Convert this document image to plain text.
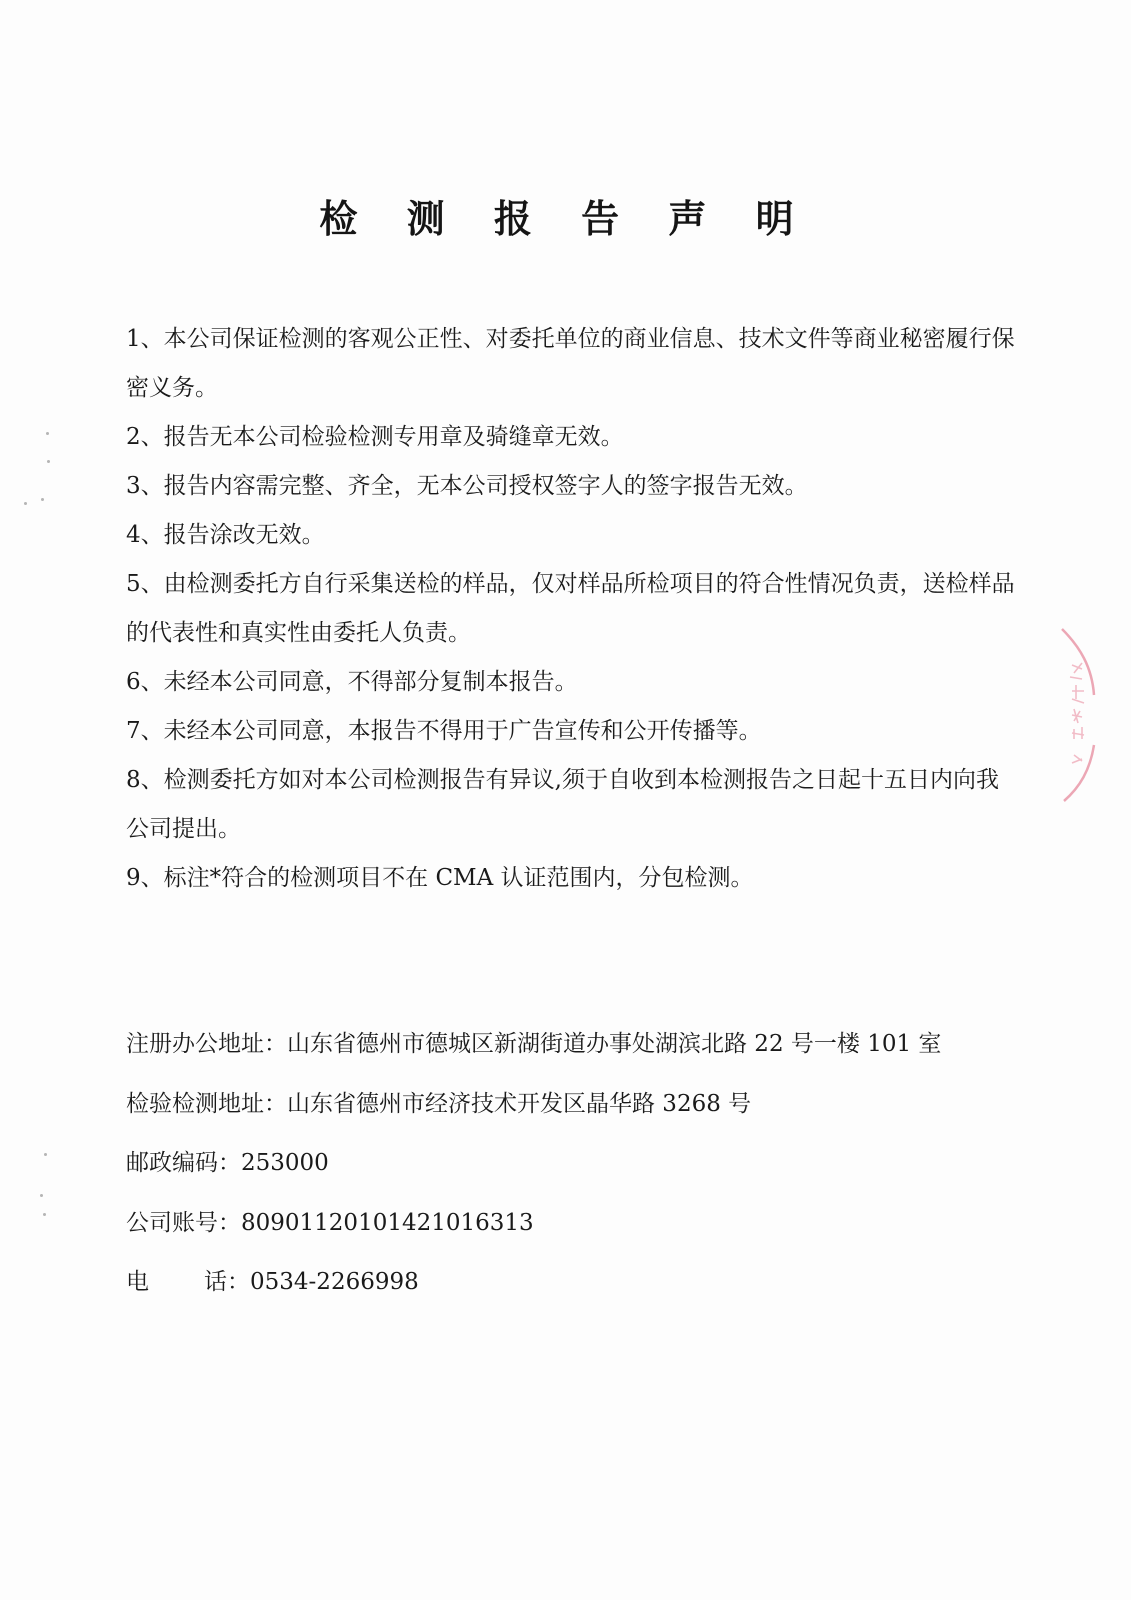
检 测 报 告 声 明

1、本公司保证检测的客观公正性、对委托单位的商业信息、技术文件等商业秘密履行保密义务。

2、报告无本公司检验检测专用章及骑缝章无效。

3、报告内容需完整、齐全，无本公司授权签字人的签字报告无效。

4、报告涂改无效。

5、由检测委托方自行采集送检的样品，仅对样品所检项目的符合性情况负责，送检样品的代表性和真实性由委托人负责。

6、未经本公司同意，不得部分复制本报告。

7、未经本公司同意，本报告不得用于广告宣传和公开传播等。

8、检测委托方如对本公司检测报告有异议,须于自收到本检测报告之日起十五日内向我公司提出。

9、标注*符合的检测项目不在 CMA 认证范围内，分包检测。

注册办公地址：山东省德州市德城区新湖街道办事处湖滨北路 22 号一楼 101 室
检验检测地址：山东省德州市经济技术开发区晶华路 3268 号
邮政编码：253000
公司账号：80901120101421016313
电 话： 0534-2266998
